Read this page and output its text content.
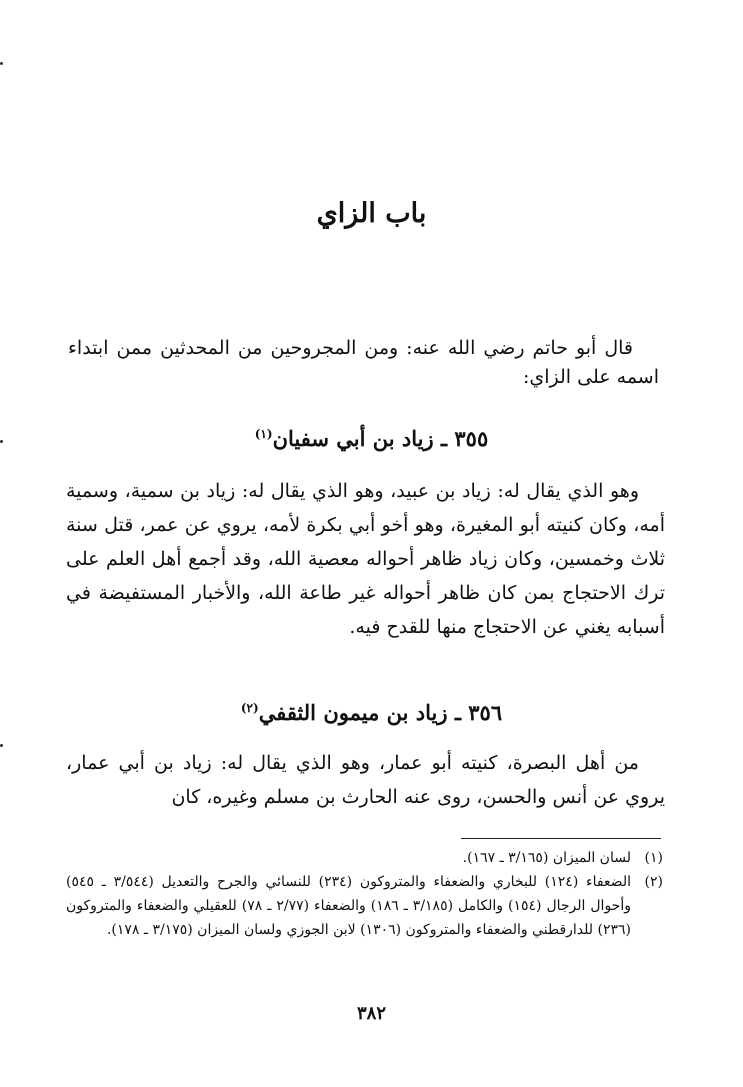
باب الزاي
قال أبو حاتم رضي الله عنه: ومن المجروحين من المحدثين ممن ابتداء اسمه على الزاي:
٣٥٥ ـ زياد بن أبي سفيان$^{(١)}$
وهو الذي يقال له: زياد بن عبيد، وهو الذي يقال له: زياد بن سمية، وسمية أمه، وكان كنيته أبو المغيرة، وهو أخو أبي بكرة لأمه، يروي عن عمر، قتل سنة ثلاث وخمسين، وكان زياد ظاهر أحواله معصية الله، وقد أجمع أهل العلم على ترك الاحتجاج بمن كان ظاهر أحواله غير طاعة الله، والأخبار المستفيضة في أسبابه يغني عن الاحتجاج منها للقدح فيه.
٣٥٦ ـ زياد بن ميمون الثقفي$^{(٢)}$
من أهل البصرة، كنيته أبو عمار، وهو الذي يقال له: زياد بن أبي عمار، يروي عن أنس والحسن، روى عنه الحارث بن مسلم وغيره، كان
(١)
لسان الميزان (٣/١٦٥ ـ ١٦٧).
(٢)
الضعفاء (١٢٤) للبخاري والضعفاء والمتروكون (٢٣٤) للنسائي والجرح والتعديل (٣/٥٤٤ ـ ٥٤٥) وأحوال الرجال (١٥٤) والكامل (٣/١٨٥ ـ ١٨٦) والضعفاء (٢/٧٧ ـ ٧٨) للعقيلي والضعفاء والمتروكون (٢٣٦) للدارقطني والضعفاء والمتروكون (١٣٠٦) لابن الجوزي ولسان الميزان (٣/١٧٥ ـ ١٧٨).
٣٨٢
